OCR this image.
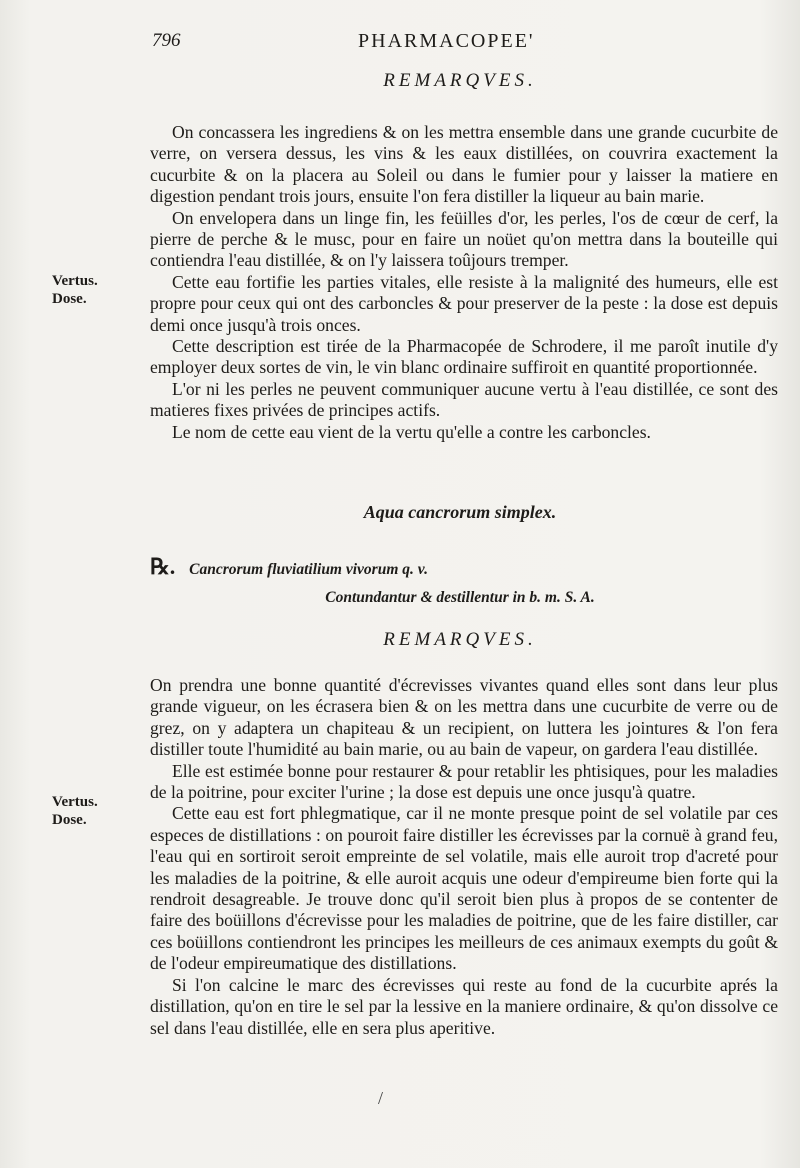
796	PHARMACOPEE'
REMARQVES.

On concassera les ingrediens & on les mettra ensemble dans une grande cucurbite de verre, on versera dessus, les vins & les eaux distillées, on couvrira exactement la cucurbite & on la placera au Soleil ou dans le fumier pour y laisser la matiere en digestion pendant trois jours, ensuite l'on fera distiller la liqueur au bain marie.

On envelopera dans un linge fin, les feüilles d'or, les perles, l'os de cœur de cerf, la pierre de perche & le musc, pour en faire un noüet qu'on mettra dans la bouteille qui contiendra l'eau distillée, & on l'y laissera toûjours tremper.

Cette eau fortifie les parties vitales, elle resiste à la malignité des humeurs, elle est propre pour ceux qui ont des carboncles & pour preserver de la peste : la dose est depuis demi once jusqu'à trois onces.

Cette description est tirée de la Pharmacopée de Schrodere, il me paroît inutile d'y employer deux sortes de vin, le vin blanc ordinaire suffiroit en quantité proportionnée.

L'or ni les perles ne peuvent communiquer aucune vertu à l'eau distillée, ce sont des matieres fixes privées de principes actifs.

Le nom de cette eau vient de la vertu qu'elle a contre les carboncles.

Vertus.
Dose.
Aqua cancrorum simplex.
℞. Cancrorum fluviatilium vivorum q. v.
Contundantur & destillentur in b. m. S. A.
REMARQVES.

On prendra une bonne quantité d'écrevisses vivantes quand elles sont dans leur plus grande vigueur, on les écrasera bien & on les mettra dans une cucurbite de verre ou de grez, on y adaptera un chapiteau & un recipient, on luttera les jointures & l'on fera distiller toute l'humidité au bain marie, ou au bain de vapeur, on gardera l'eau distillée.

Elle est estimée bonne pour restaurer & pour retablir les phtisiques, pour les maladies de la poitrine, pour exciter l'urine ; la dose est depuis une once jusqu'à quatre.

Cette eau est fort phlegmatique, car il ne monte presque point de sel volatile par ces especes de distillations : on pouroit faire distiller les écrevisses par la cornuë à grand feu, l'eau qui en sortiroit seroit empreinte de sel volatile, mais elle auroit trop d'acreté pour les maladies de la poitrine, & elle auroit acquis une odeur d'empireume bien forte qui la rendroit desagreable. Je trouve donc qu'il seroit bien plus à propos de se contenter de faire des boüillons d'écrevisse pour les maladies de poitrine, que de les faire distiller, car ces boüillons contiendront les principes les meilleurs de ces animaux exempts du goût & de l'odeur empireumatique des distillations.

Si l'on calcine le marc des écrevisses qui reste au fond de la cucurbite aprés la distillation, qu'on en tire le sel par la lessive en la maniere ordinaire, & qu'on dissolve ce sel dans l'eau distillée, elle en sera plus aperitive.

Vertus.
Dose.
/
